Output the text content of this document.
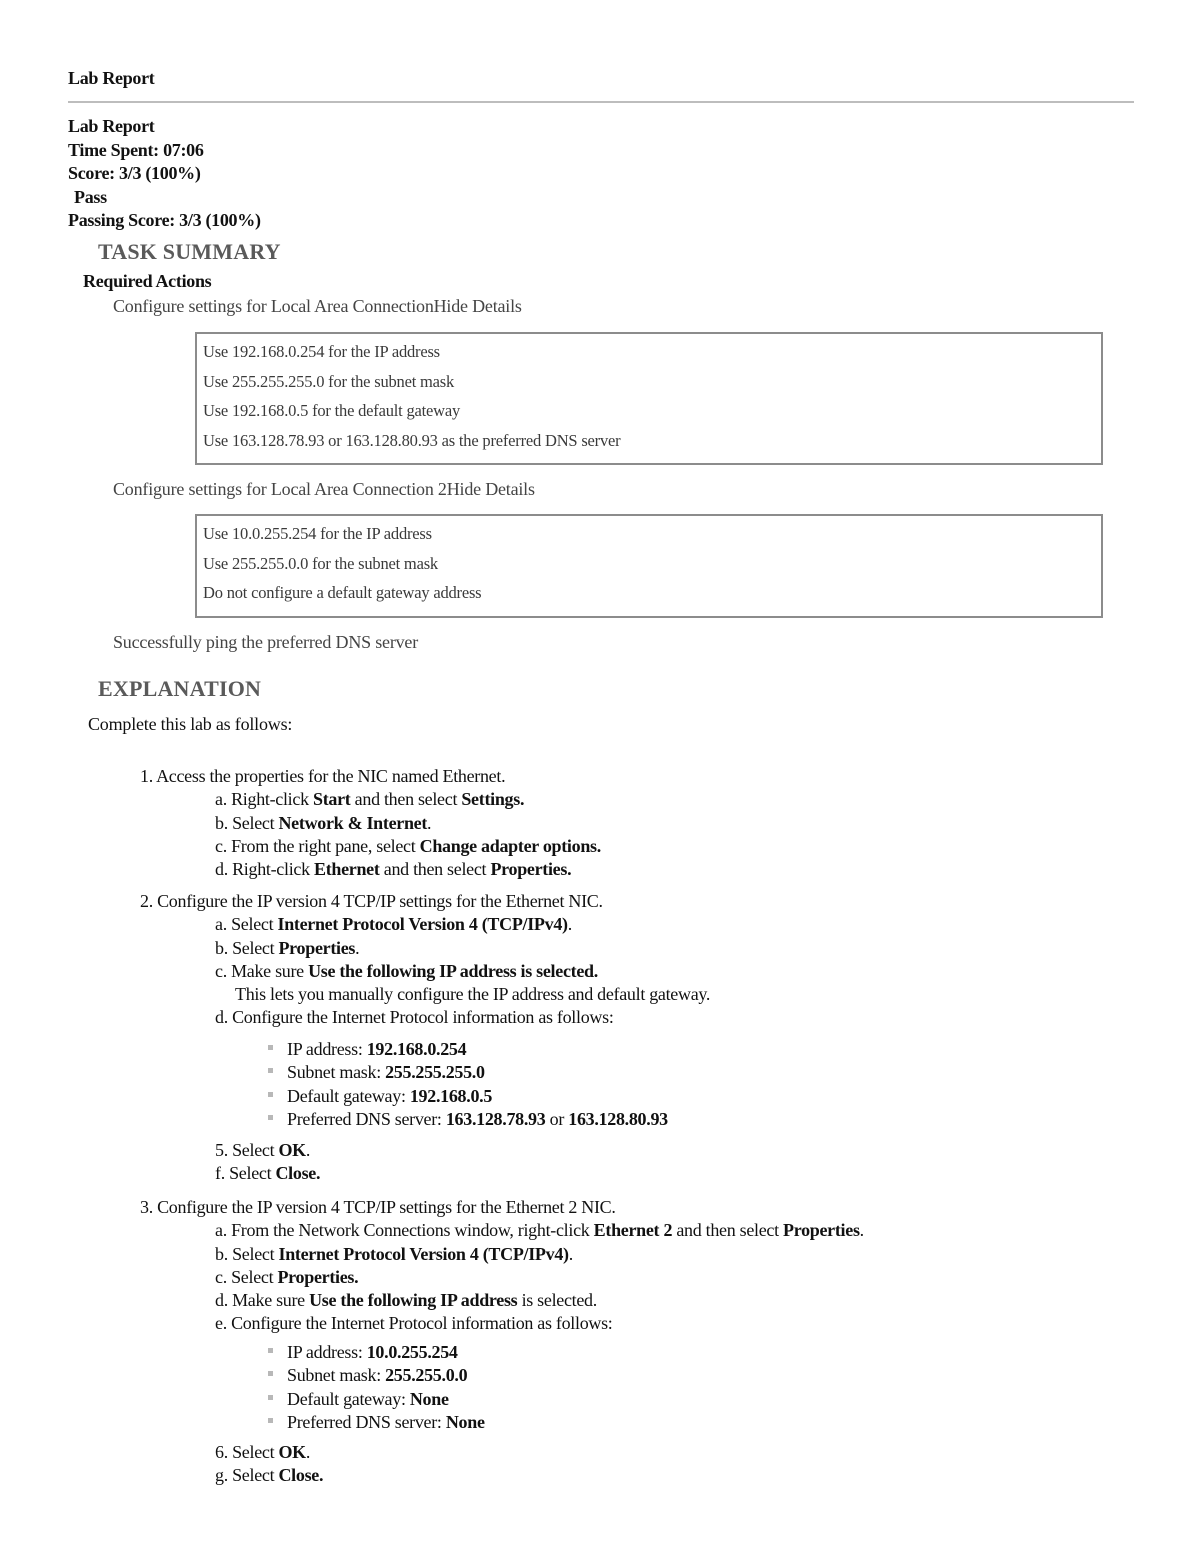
Lab Report
Lab Report
Time Spent: 07:06
Score: 3/3 (100%)
Pass
Passing Score: 3/3 (100%)
TASK SUMMARY
Required Actions
Configure settings for Local Area ConnectionHide Details
Use 192.168.0.254 for the IP address
Use 255.255.255.0 for the subnet mask
Use 192.168.0.5 for the default gateway
Use 163.128.78.93 or 163.128.80.93 as the preferred DNS server
Configure settings for Local Area Connection 2Hide Details
Use 10.0.255.254 for the IP address
Use 255.255.0.0 for the subnet mask
Do not configure a default gateway address
Successfully ping the preferred DNS server
EXPLANATION
Complete this lab as follows:
1. Access the properties for the NIC named Ethernet.
a. Right-click Start and then select Settings.
b. Select Network & Internet.
c. From the right pane, select Change adapter options.
d. Right-click Ethernet and then select Properties.
2. Configure the IP version 4 TCP/IP settings for the Ethernet NIC.
a. Select Internet Protocol Version 4 (TCP/IPv4).
b. Select Properties.
c. Make sure Use the following IP address is selected.
This lets you manually configure the IP address and default gateway.
d. Configure the Internet Protocol information as follows:
IP address: 192.168.0.254
Subnet mask: 255.255.255.0
Default gateway: 192.168.0.5
Preferred DNS server: 163.128.78.93 or 163.128.80.93
5. Select OK.
f. Select Close.
3. Configure the IP version 4 TCP/IP settings for the Ethernet 2 NIC.
a. From the Network Connections window, right-click Ethernet 2 and then select Properties.
b. Select Internet Protocol Version 4 (TCP/IPv4).
c. Select Properties.
d. Make sure Use the following IP address is selected.
e. Configure the Internet Protocol information as follows:
IP address: 10.0.255.254
Subnet mask: 255.255.0.0
Default gateway: None
Preferred DNS server: None
6. Select OK.
g. Select Close.
